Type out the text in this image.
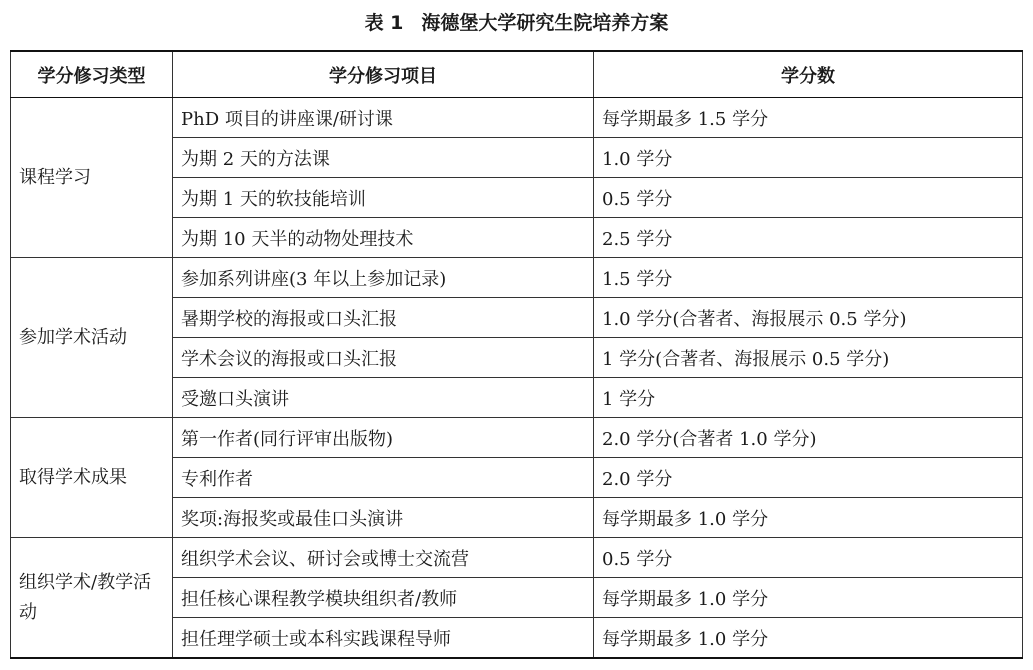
表 1 海德堡大学研究生院培养方案
学分修习类型	学分修习项目	学分数
课程学习	PhD 项目的讲座课/研讨课	每学期最多 1.5 学分
	为期 2 天的方法课	1.0 学分
	为期 1 天的软技能培训	0.5 学分
	为期 10 天半的动物处理技术	2.5 学分
参加学术活动	参加系列讲座(3 年以上参加记录)	1.5 学分
	暑期学校的海报或口头汇报	1.0 学分(合著者、海报展示 0.5 学分)
	学术会议的海报或口头汇报	1 学分(合著者、海报展示 0.5 学分)
	受邀口头演讲	1 学分
取得学术成果	第一作者(同行评审出版物)	2.0 学分(合著者 1.0 学分)
	专利作者	2.0 学分
	奖项:海报奖或最佳口头演讲	每学期最多 1.0 学分
组织学术/教学活动	组织学术会议、研讨会或博士交流营	0.5 学分
	担任核心课程教学模块组织者/教师	每学期最多 1.0 学分
	担任理学硕士或本科实践课程导师	每学期最多 1.0 学分
